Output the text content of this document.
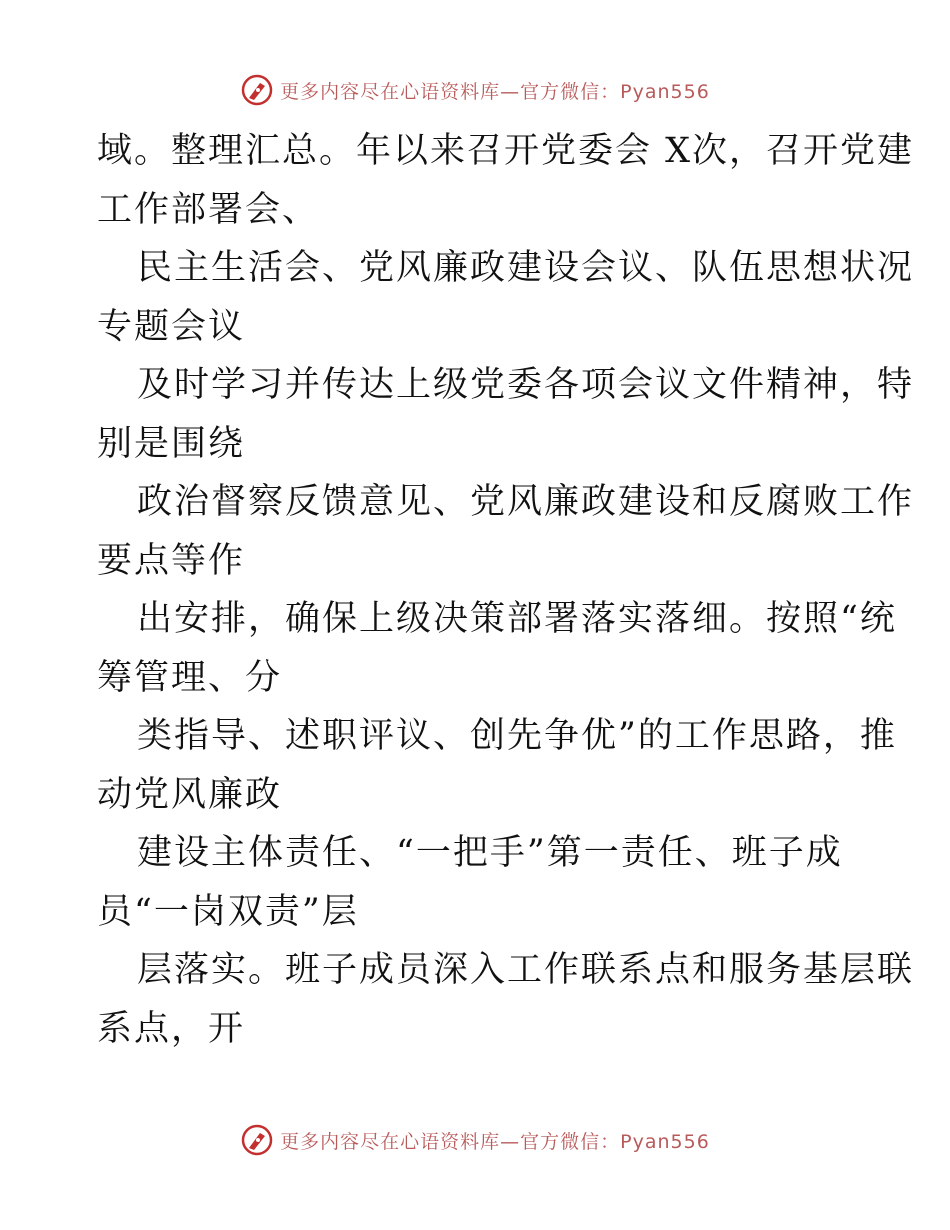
更多内容尽在心语资料库—官方微信：Pyan556
域。整理汇总。年以来召开党委会 X次，召开党建
工作部署会、
民主生活会、党风廉政建设会议、队伍思想状况
专题会议
及时学习并传达上级党委各项会议文件精神，特
别是围绕
政治督察反馈意见、党风廉政建设和反腐败工作
要点等作
出安排，确保上级决策部署落实落细。按照“统
筹管理、分
类指导、述职评议、创先争优”的工作思路，推
动党风廉政
建设主体责任、“一把手”第一责任、班子成
员“一岗双责”层
层落实。班子成员深入工作联系点和服务基层联
系点，开
更多内容尽在心语资料库—官方微信：Pyan556
